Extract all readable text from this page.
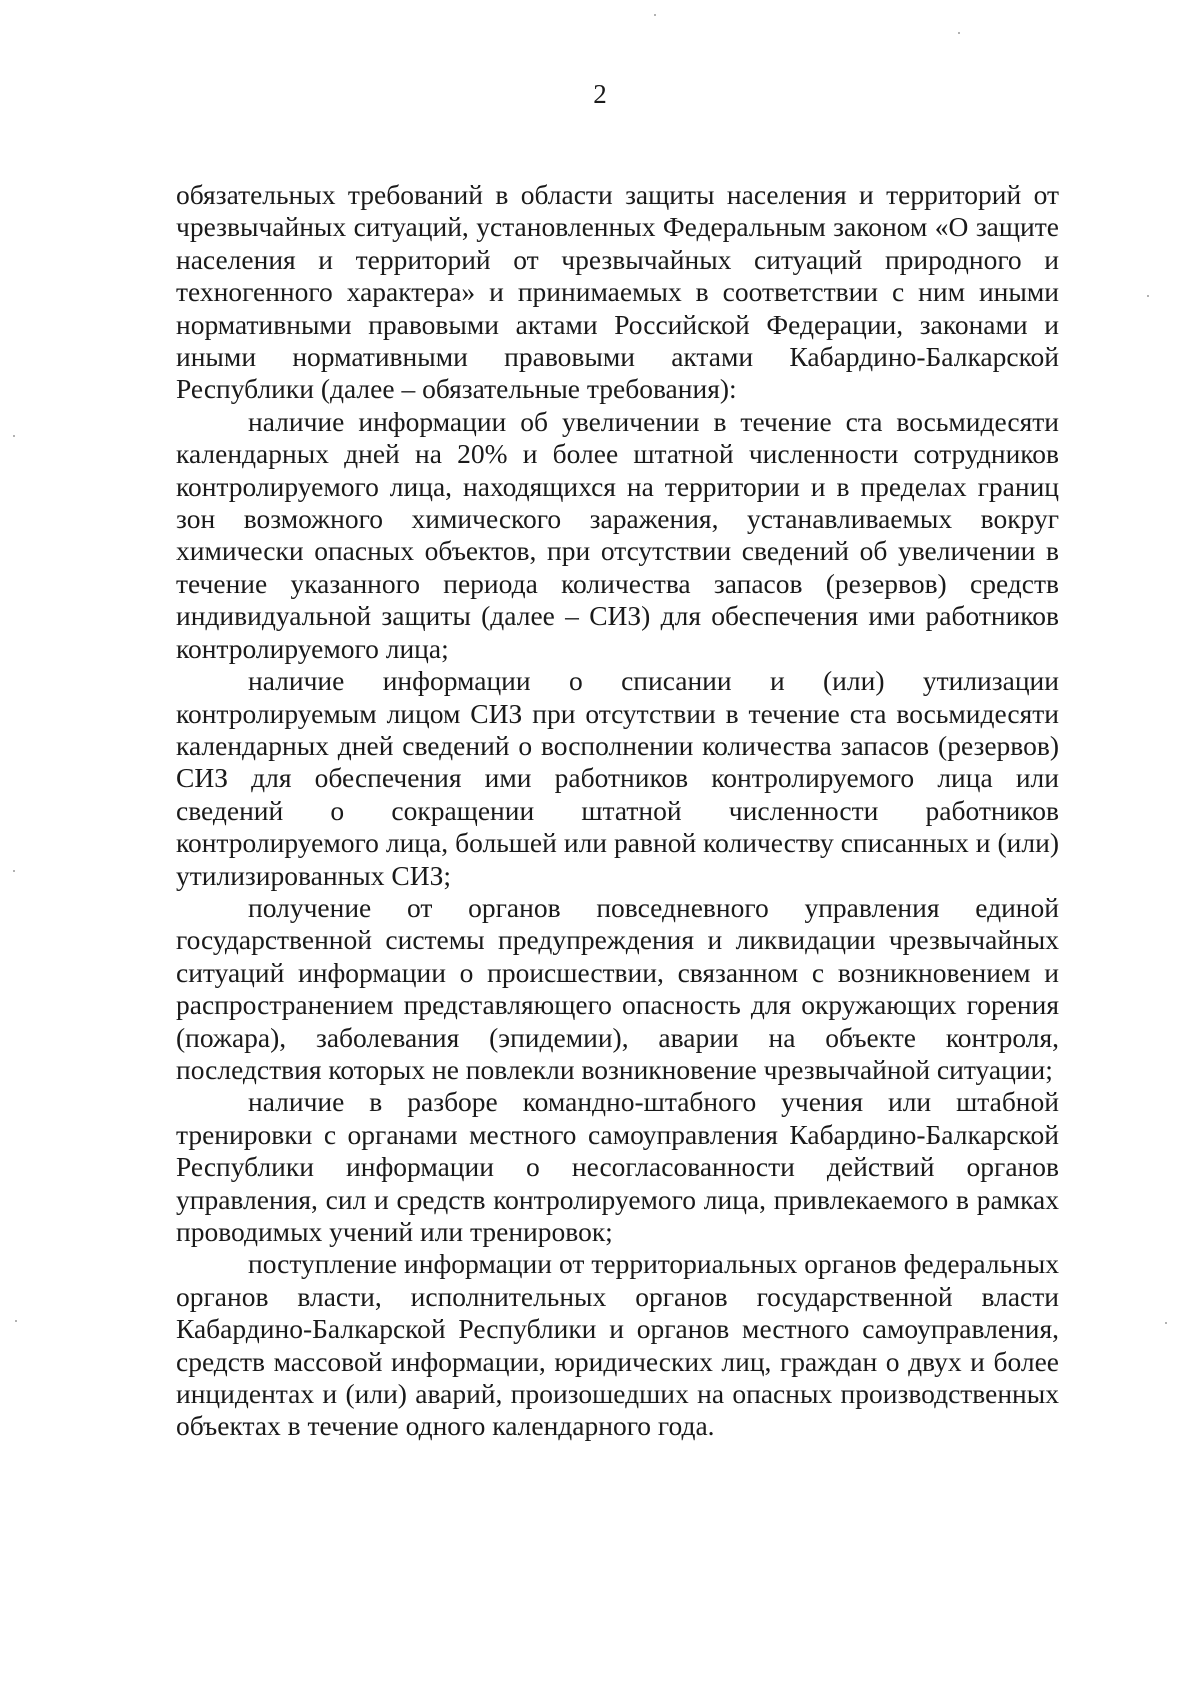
2

обязательных требований в области защиты населения и территорий от чрезвычайных ситуаций, установленных Федеральным законом «О защите населения и территорий от чрезвычайных ситуаций природного и техногенного характера» и принимаемых в соответствии с ним иными нормативными правовыми актами Российской Федерации, законами и иными нормативными правовыми актами Кабардино-Балкарской Республики (далее – обязательные требования):

наличие информации об увеличении в течение ста восьмидесяти календарных дней на 20% и более штатной численности сотрудников контролируемого лица, находящихся на территории и в пределах границ зон возможного химического заражения, устанавливаемых вокруг химически опасных объектов, при отсутствии сведений об увеличении в течение указанного периода количества запасов (резервов) средств индивидуальной защиты (далее – СИЗ) для обеспечения ими работников контролируемого лица;

наличие информации о списании и (или) утилизации контролируемым лицом СИЗ при отсутствии в течение ста восьмидесяти календарных дней сведений о восполнении количества запасов (резервов) СИЗ для обеспечения ими работников контролируемого лица или сведений о сокращении штатной численности работников контролируемого лица, большей или равной количеству списанных и (или) утилизированных СИЗ;

получение от органов повседневного управления единой государственной системы предупреждения и ликвидации чрезвычайных ситуаций информации о происшествии, связанном с возникновением и распространением представляющего опасность для окружающих горения (пожара), заболевания (эпидемии), аварии на объекте контроля, последствия которых не повлекли возникновение чрезвычайной ситуации;

наличие в разборе командно-штабного учения или штабной тренировки с органами местного самоуправления Кабардино-Балкарской Республики информации о несогласованности действий органов управления, сил и средств контролируемого лица, привлекаемого в рамках проводимых учений или тренировок;

поступление информации от территориальных органов федеральных органов власти, исполнительных органов государственной власти Кабардино-Балкарской Республики и органов местного самоуправления, средств массовой информации, юридических лиц, граждан о двух и более инцидентах и (или) аварий, произошедших на опасных производственных объектах в течение одного календарного года.
